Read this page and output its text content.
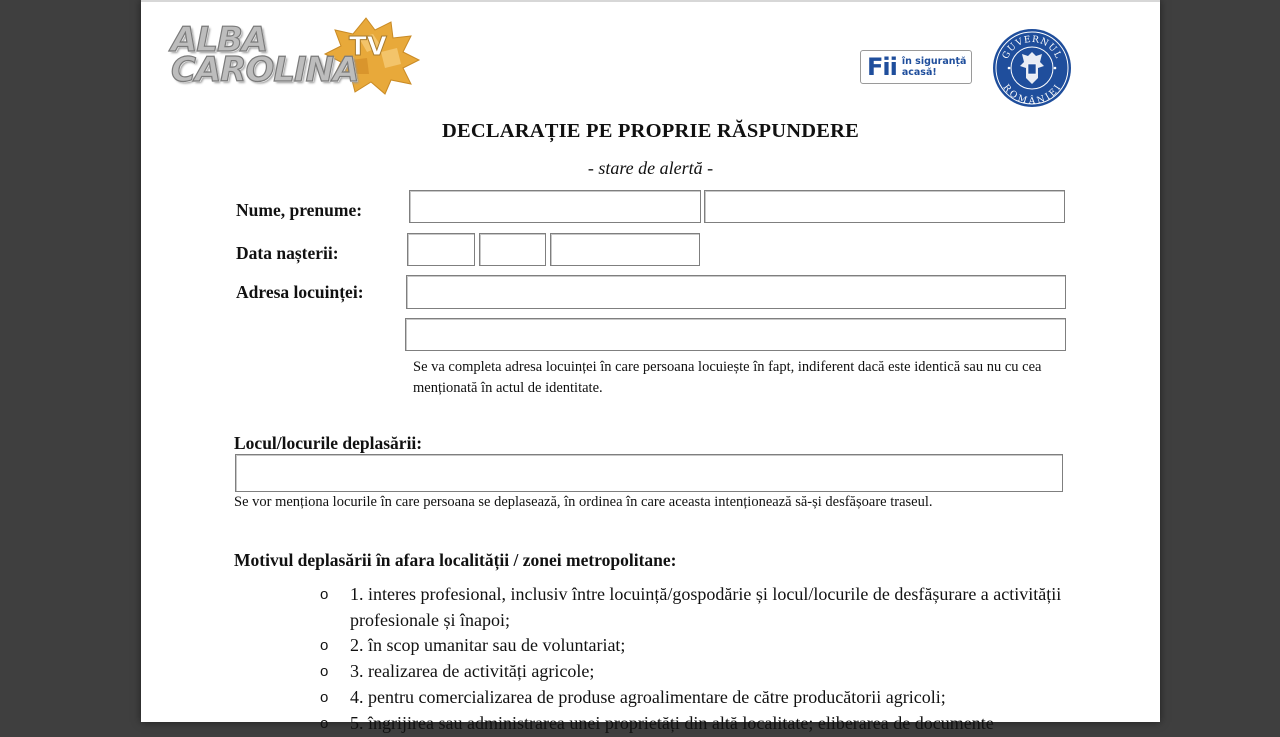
ALBA
CAROLINA
TV
Fii în siguranță
acasă!
GUVERNUL
ROMÂNIEI
DECLARAȚIE PE PROPRIE RĂSPUNDERE
- stare de alertă -
Nume, prenume:
Data nașterii:
Adresa locuinței:
Se va completa adresa locuinței în care persoana locuiește în fapt, indiferent dacă este identică sau nu cu cea menționată în actul de identitate.
Locul/locurile deplasării:
Se vor menționa locurile în care persoana se deplasează, în ordinea în care aceasta intenționează să-și desfășoare traseul.
Motivul deplasării în afara localității / zonei metropolitane:
o	1. interes profesional, inclusiv între locuință/gospodărie și locul/locurile de desfășurare a activității profesionale și înapoi;
o	2. în scop umanitar sau de voluntariat;
o	3. realizarea de activități agricole;
o	4. pentru comercializarea de produse agroalimentare de către producătorii agricoli;
o	5. îngrijirea sau administrarea unei proprietăți din altă localitate; eliberarea de documente
